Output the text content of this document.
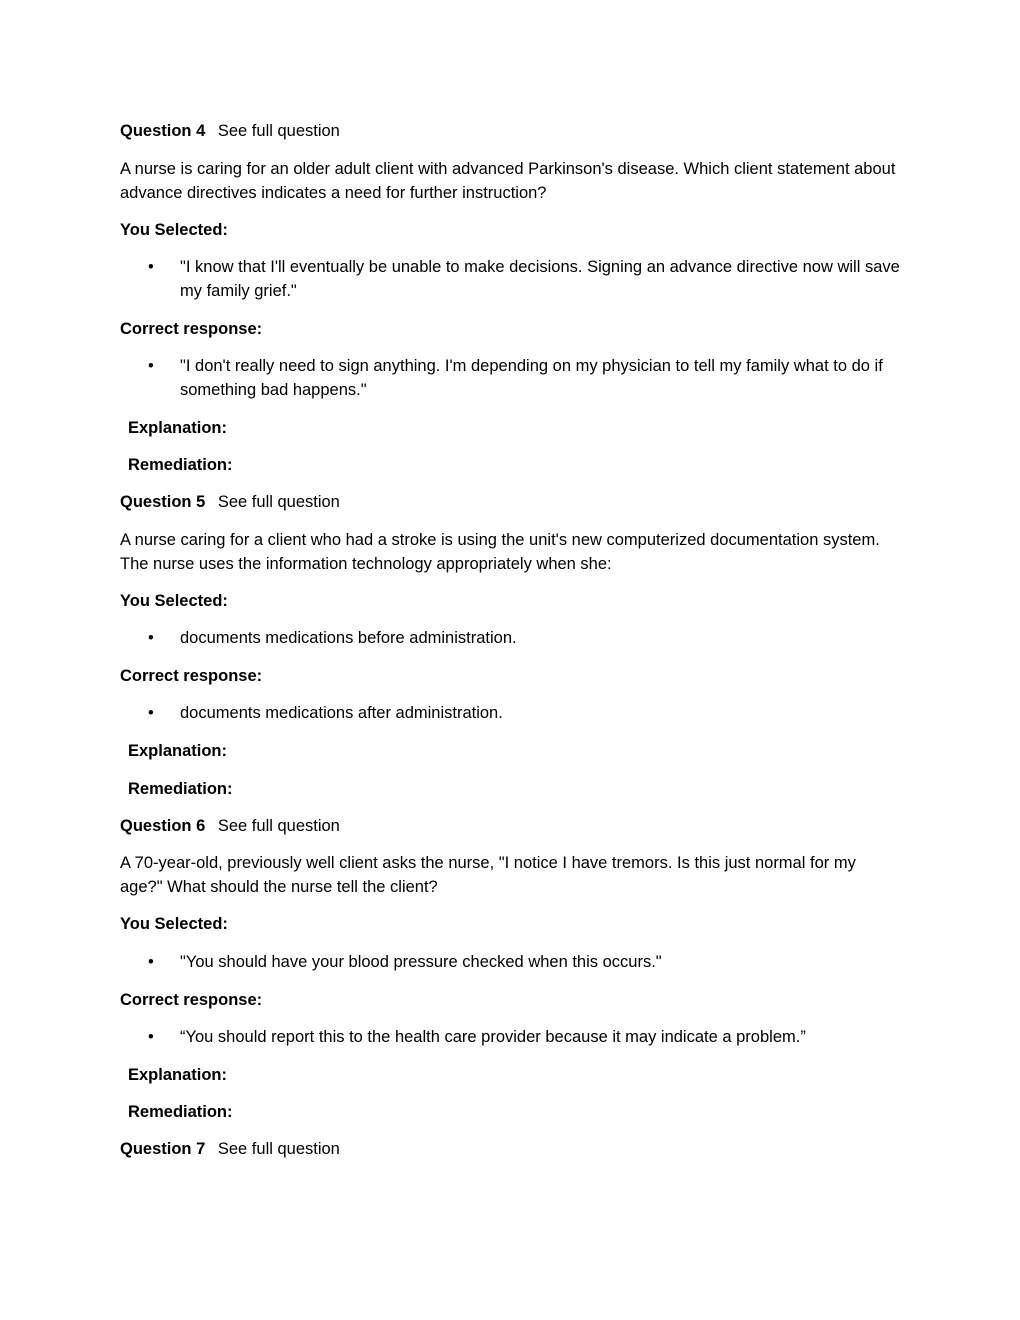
Question 4 See full question
A nurse is caring for an older adult client with advanced Parkinson's disease. Which client statement about advance directives indicates a need for further instruction?
You Selected:
• "I know that I'll eventually be unable to make decisions. Signing an advance directive now will save my family grief."
Correct response:
• "I don't really need to sign anything. I'm depending on my physician to tell my family what to do if something bad happens."
Explanation:
Remediation:
Question 5 See full question
A nurse caring for a client who had a stroke is using the unit's new computerized documentation system. The nurse uses the information technology appropriately when she:
You Selected:
• documents medications before administration.
Correct response:
• documents medications after administration.
Explanation:
Remediation:
Question 6 See full question
A 70-year-old, previously well client asks the nurse, "I notice I have tremors. Is this just normal for my age?" What should the nurse tell the client?
You Selected:
• "You should have your blood pressure checked when this occurs."
Correct response:
• “You should report this to the health care provider because it may indicate a problem.”
Explanation:
Remediation:
Question 7 See full question
